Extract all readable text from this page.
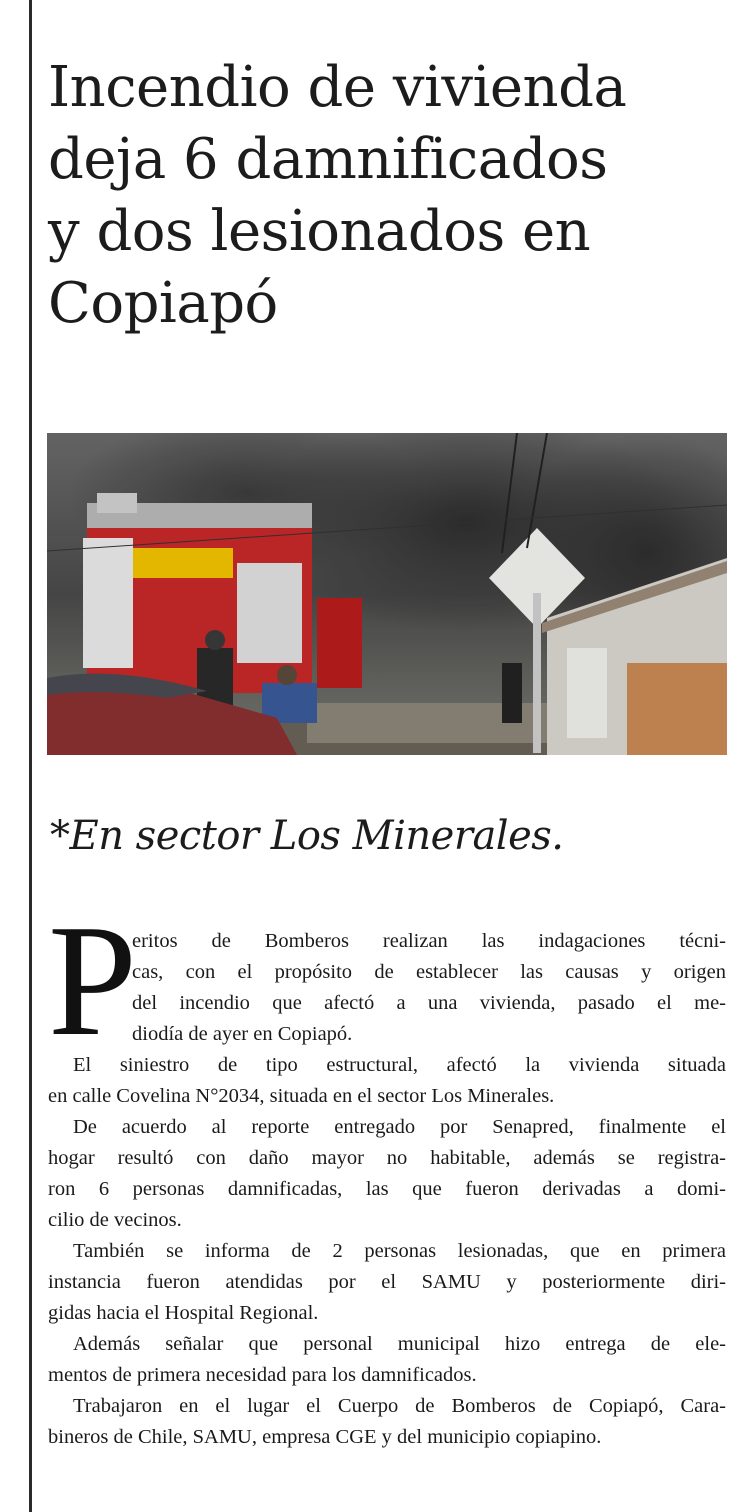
Incendio de vivienda
deja 6 damnificados
y dos lesionados en
Copiapó
*En sector Los Minerales.
P
eritos de Bomberos realizan las indagaciones técni-
cas, con el propósito de establecer las causas y origen
del incendio que afectó a una vivienda, pasado el me-
diodía de ayer en Copiapó.
El siniestro de tipo estructural, afectó la vivienda situada
en calle Covelina N°2034, situada en el sector Los Minerales.
De acuerdo al reporte entregado por Senapred, finalmente el
hogar resultó con daño mayor no habitable, además se registra-
ron 6 personas damnificadas, las que fueron derivadas a domi-
cilio de vecinos.
También se informa de 2 personas lesionadas, que en primera
instancia fueron atendidas por el SAMU y posteriormente diri-
gidas hacia el Hospital Regional.
Además señalar que personal municipal hizo entrega de ele-
mentos de primera necesidad para los damnificados.
Trabajaron en el lugar el Cuerpo de Bomberos de Copiapó, Cara-
bineros de Chile, SAMU, empresa CGE y del municipio copiapino.
